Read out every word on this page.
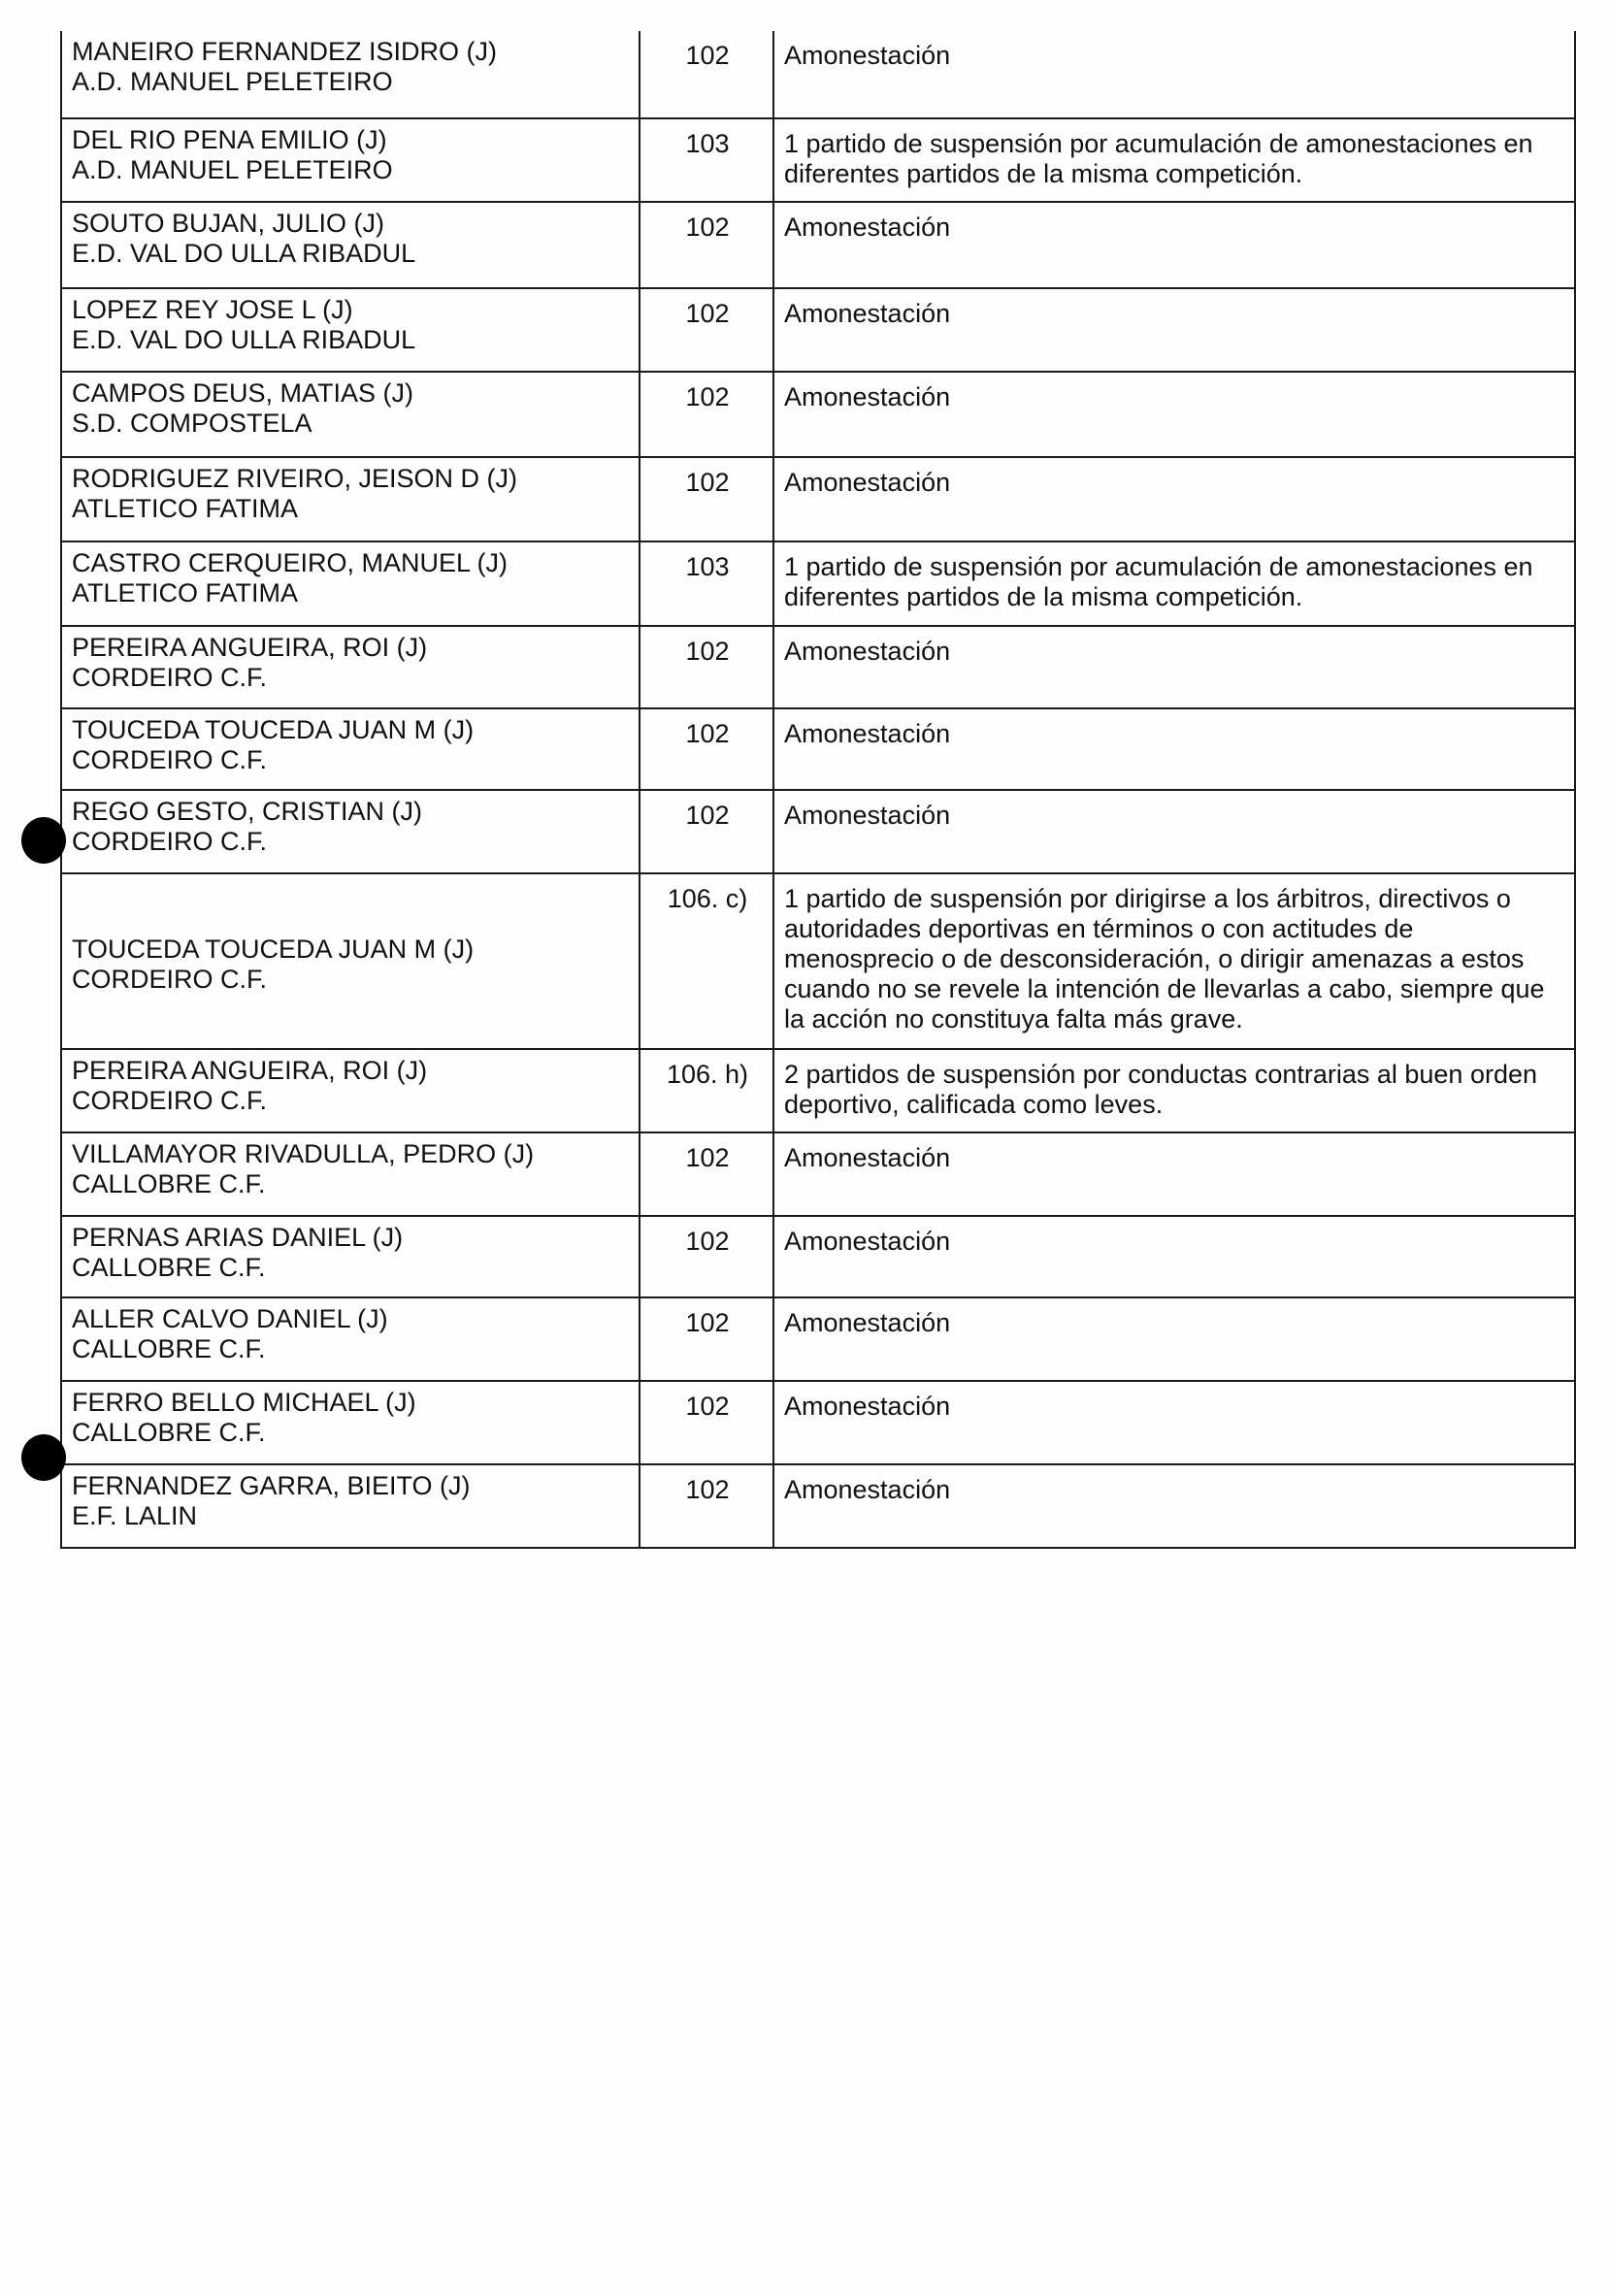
MANEIRO FERNANDEZ ISIDRO (J)
A.D. MANUEL PELETEIRO	102	Amonestación

DEL RIO PENA EMILIO (J)
A.D. MANUEL PELETEIRO	103	1 partido de suspensión por acumulación de amonestaciones en diferentes partidos de la misma competición.

SOUTO BUJAN, JULIO (J)
E.D. VAL DO ULLA RIBADUL	102	Amonestación

LOPEZ REY JOSE L (J)
E.D. VAL DO ULLA RIBADUL	102	Amonestación

CAMPOS DEUS, MATIAS (J)
S.D. COMPOSTELA	102	Amonestación

RODRIGUEZ RIVEIRO, JEISON D (J)
ATLETICO FATIMA	102	Amonestación

CASTRO CERQUEIRO, MANUEL (J)
ATLETICO FATIMA	103	1 partido de suspensión por acumulación de amonestaciones en diferentes partidos de la misma competición.

PEREIRA ANGUEIRA, ROI (J)
CORDEIRO C.F.	102	Amonestación

TOUCEDA TOUCEDA JUAN M (J)
CORDEIRO C.F.	102	Amonestación

REGO GESTO, CRISTIAN (J)
CORDEIRO C.F.	102	Amonestación

TOUCEDA TOUCEDA JUAN M (J)
CORDEIRO C.F.	106. c)	1 partido de suspensión por dirigirse a los árbitros, directivos o autoridades deportivas en términos o con actitudes de menosprecio o de desconsideración, o dirigir amenazas a estos cuando no se revele la intención de llevarlas a cabo, siempre que la acción no constituya falta más grave.

PEREIRA ANGUEIRA, ROI (J)
CORDEIRO C.F.	106. h)	2 partidos de suspensión por conductas contrarias al buen orden deportivo, calificada como leves.

VILLAMAYOR RIVADULLA, PEDRO (J)
CALLOBRE C.F.	102	Amonestación

PERNAS ARIAS DANIEL (J)
CALLOBRE C.F.	102	Amonestación

ALLER CALVO DANIEL (J)
CALLOBRE C.F.	102	Amonestación

FERRO BELLO MICHAEL (J)
CALLOBRE C.F.	102	Amonestación

FERNANDEZ GARRA, BIEITO (J)
E.F. LALIN	102	Amonestación
